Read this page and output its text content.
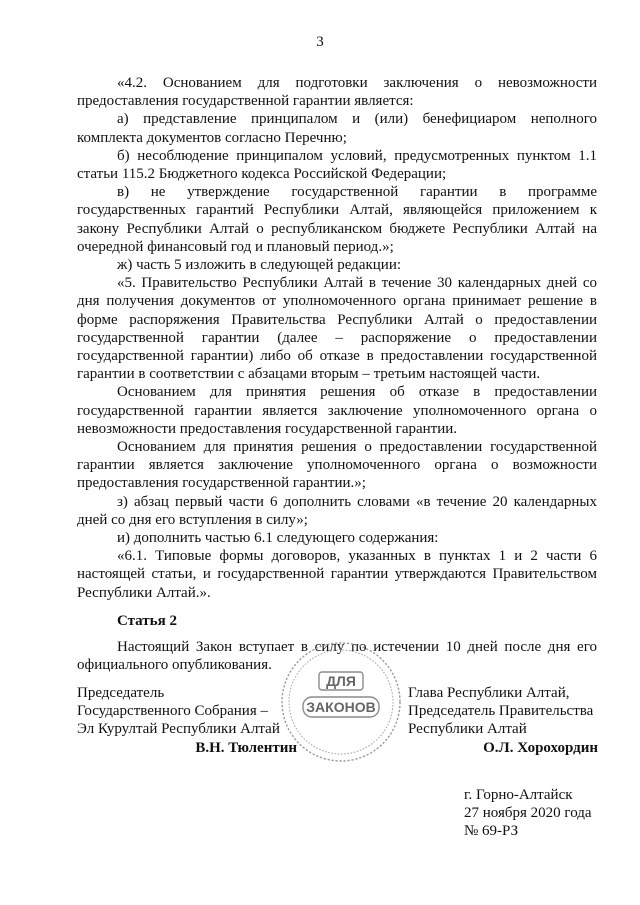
3

«4.2. Основанием для подготовки заключения о невозможности предоставления государственной гарантии является:

а) представление принципалом и (или) бенефициаром неполного комплекта документов согласно Перечню;

б) несоблюдение принципалом условий, предусмотренных пунктом 1.1 статьи 115.2 Бюджетного кодекса Российской Федерации;

в) не утверждение государственной гарантии в программе государственных гарантий Республики Алтай, являющейся приложением к закону Республики Алтай о республиканском бюджете Республики Алтай на очередной финансовый год и плановый период.»;

ж) часть 5 изложить в следующей редакции:

«5. Правительство Республики Алтай в течение 30 календарных дней со дня получения документов от уполномоченного органа принимает решение в форме распоряжения Правительства Республики Алтай о предоставлении государственной гарантии (далее – распоряжение о предоставлении государственной гарантии) либо об отказе в предоставлении государственной гарантии в соответствии с абзацами вторым – третьим настоящей части.

Основанием для принятия решения об отказе в предоставлении государственной гарантии является заключение уполномоченного органа о невозможности предоставления государственной гарантии.

Основанием для принятия решения о предоставлении государственной гарантии является заключение уполномоченного органа о возможности предоставления государственной гарантии.»;

з) абзац первый части 6 дополнить словами «в течение 20 календарных дней со дня его вступления в силу»;

и) дополнить частью 6.1 следующего содержания:

«6.1. Типовые формы договоров, указанных в пунктах 1 и 2 части 6 настоящей статьи, и государственной гарантии утверждаются Правительством Республики Алтай.».

Статья 2

Настоящий Закон вступает в силу по истечении 10 дней после дня его официального опубликования.

ДЛЯ
ЗАКОНОВ
Председатель
Государственного Собрания –
Эл Курултай Республики Алтай
В.Н. Тюлентин
Глава Республики Алтай,
Председатель Правительства
Республики Алтай
О.Л. Хорохордин
г. Горно-Алтайск
27 ноября 2020 года
№ 69-РЗ
